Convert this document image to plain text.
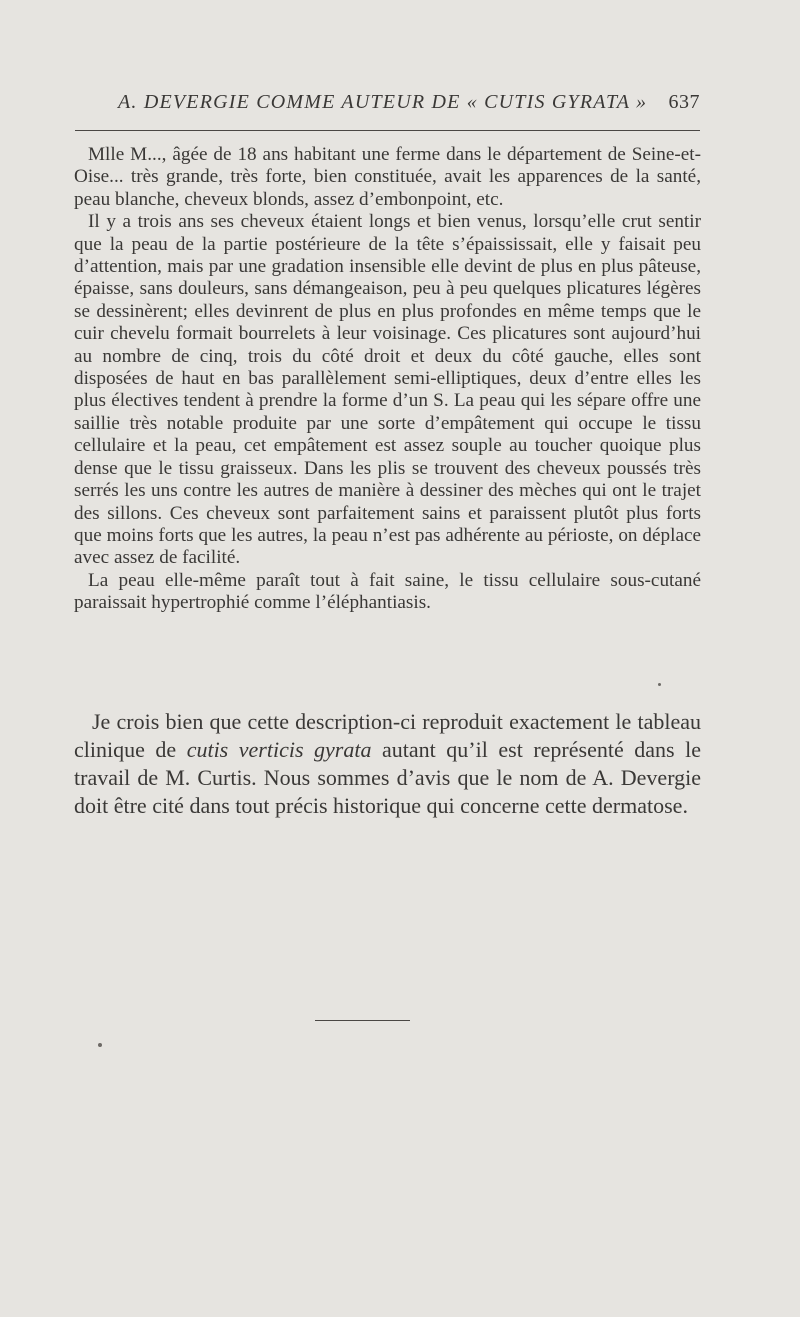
A. DEVERGIE COMME AUTEUR DE « CUTIS GYRATA » 637

Mlle M..., âgée de 18 ans habitant une ferme dans le département de Seine-et-Oise... très grande, très forte, bien constituée, avait les apparences de la santé, peau blanche, cheveux blonds, assez d’embonpoint, etc.

Il y a trois ans ses cheveux étaient longs et bien venus, lorsqu’elle crut sentir que la peau de la partie postérieure de la tête s’épaississait, elle y faisait peu d’attention, mais par une gradation insensible elle devint de plus en plus pâteuse, épaisse, sans douleurs, sans démangeaison, peu à peu quelques plicatures légères se dessinèrent; elles devinrent de plus en plus profondes en même temps que le cuir chevelu formait bourrelets à leur voisinage. Ces plicatures sont aujourd’hui au nombre de cinq, trois du côté droit et deux du côté gauche, elles sont disposées de haut en bas parallèlement semi-elliptiques, deux d’entre elles les plus électives tendent à prendre la forme d’un S. La peau qui les sépare offre une saillie très notable produite par une sorte d’empâtement qui occupe le tissu cellulaire et la peau, cet empâtement est assez souple au toucher quoique plus dense que le tissu graisseux. Dans les plis se trouvent des cheveux poussés très serrés les uns contre les autres de manière à dessiner des mèches qui ont le trajet des sillons. Ces cheveux sont parfaitement sains et paraissent plutôt plus forts que moins forts que les autres, la peau n’est pas adhérente au périoste, on déplace avec assez de facilité.

La peau elle-même paraît tout à fait saine, le tissu cellulaire sous-cutané paraissait hypertrophié comme l’éléphantiasis.

Je crois bien que cette description-ci reproduit exactement le tableau clinique de cutis verticis gyrata autant qu’il est représenté dans le travail de M. Curtis. Nous sommes d’avis que le nom de A. Devergie doit être cité dans tout précis historique qui concerne cette dermatose.
